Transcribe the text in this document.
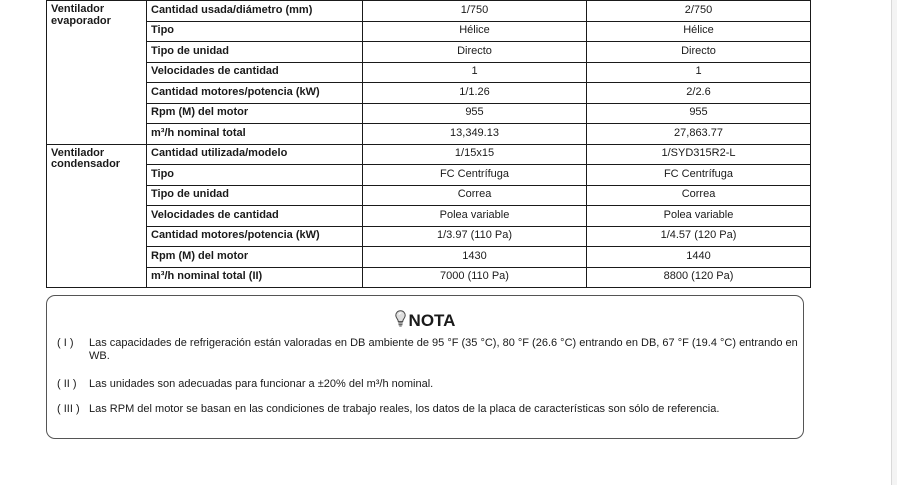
Ventilador
evaporador	Cantidad usada/diámetro (mm)	1/750	2/750
	Tipo	Hélice	Hélice
	Tipo de unidad	Directo	Directo
	Velocidades de cantidad	1	1
	Cantidad motores/potencia (kW)	1/1.26	2/2.6
	Rpm (M) del motor	955	955
	m³/h nominal total	13,349.13	27,863.77
Ventilador
condensador	Cantidad utilizada/modelo	1/15x15	1/SYD315R2-L
	Tipo	FC Centrífuga	FC Centrífuga
	Tipo de unidad	Correa	Correa
	Velocidades de cantidad	Polea variable	Polea variable
	Cantidad motores/potencia (kW)	1/3.97 (110 Pa)	1/4.57 (120 Pa)
	Rpm (M) del motor	1430	1440
	m³/h nominal total (II)	7000 (110 Pa)	8800 (120 Pa)
NOTA
( I )	Las capacidades de refrigeración están valoradas en DB ambiente de 95 °F (35 °C), 80 °F (26.6 °C) entrando en DB, 67 °F (19.4 °C) entrando en WB.
( II )	Las unidades son adecuadas para funcionar a ±20% del m³/h nominal.
( III ) Las RPM del motor se basan en las condiciones de trabajo reales, los datos de la placa de características son sólo de referencia.
